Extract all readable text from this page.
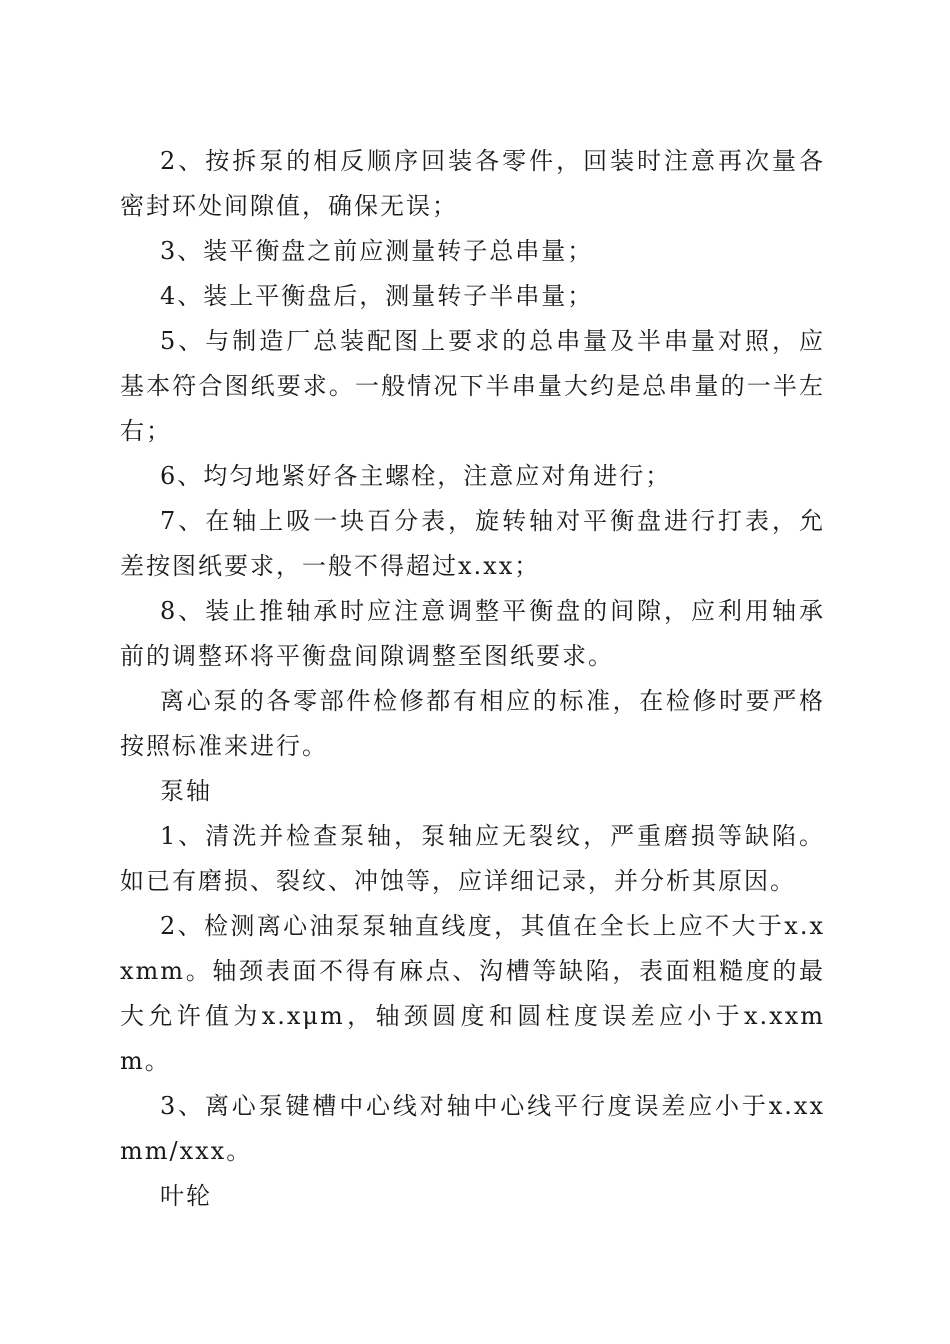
2、按拆泵的相反顺序回装各零件，回装时注意再次量各密封环处间隙值，确保无误；

3、装平衡盘之前应测量转子总串量；

4、装上平衡盘后，测量转子半串量；

5、与制造厂总装配图上要求的总串量及半串量对照，应基本符合图纸要求。一般情况下半串量大约是总串量的一半左右；

6、均匀地紧好各主螺栓，注意应对角进行；

7、在轴上吸一块百分表，旋转轴对平衡盘进行打表，允差按图纸要求，一般不得超过x.xx；

8、装止推轴承时应注意调整平衡盘的间隙，应利用轴承前的调整环将平衡盘间隙调整至图纸要求。

离心泵的各零部件检修都有相应的标准，在检修时要严格按照标准来进行。

泵轴

1、清洗并检查泵轴，泵轴应无裂纹，严重磨损等缺陷。如已有磨损、裂纹、冲蚀等，应详细记录，并分析其原因。

2、检测离心油泵泵轴直线度，其值在全长上应不大于x.xxmm。轴颈表面不得有麻点、沟槽等缺陷，表面粗糙度的最大允许值为x.xμm，轴颈圆度和圆柱度误差应小于x.xxmm。

3、离心泵键槽中心线对轴中心线平行度误差应小于x.xxmm/xxx。

叶轮
